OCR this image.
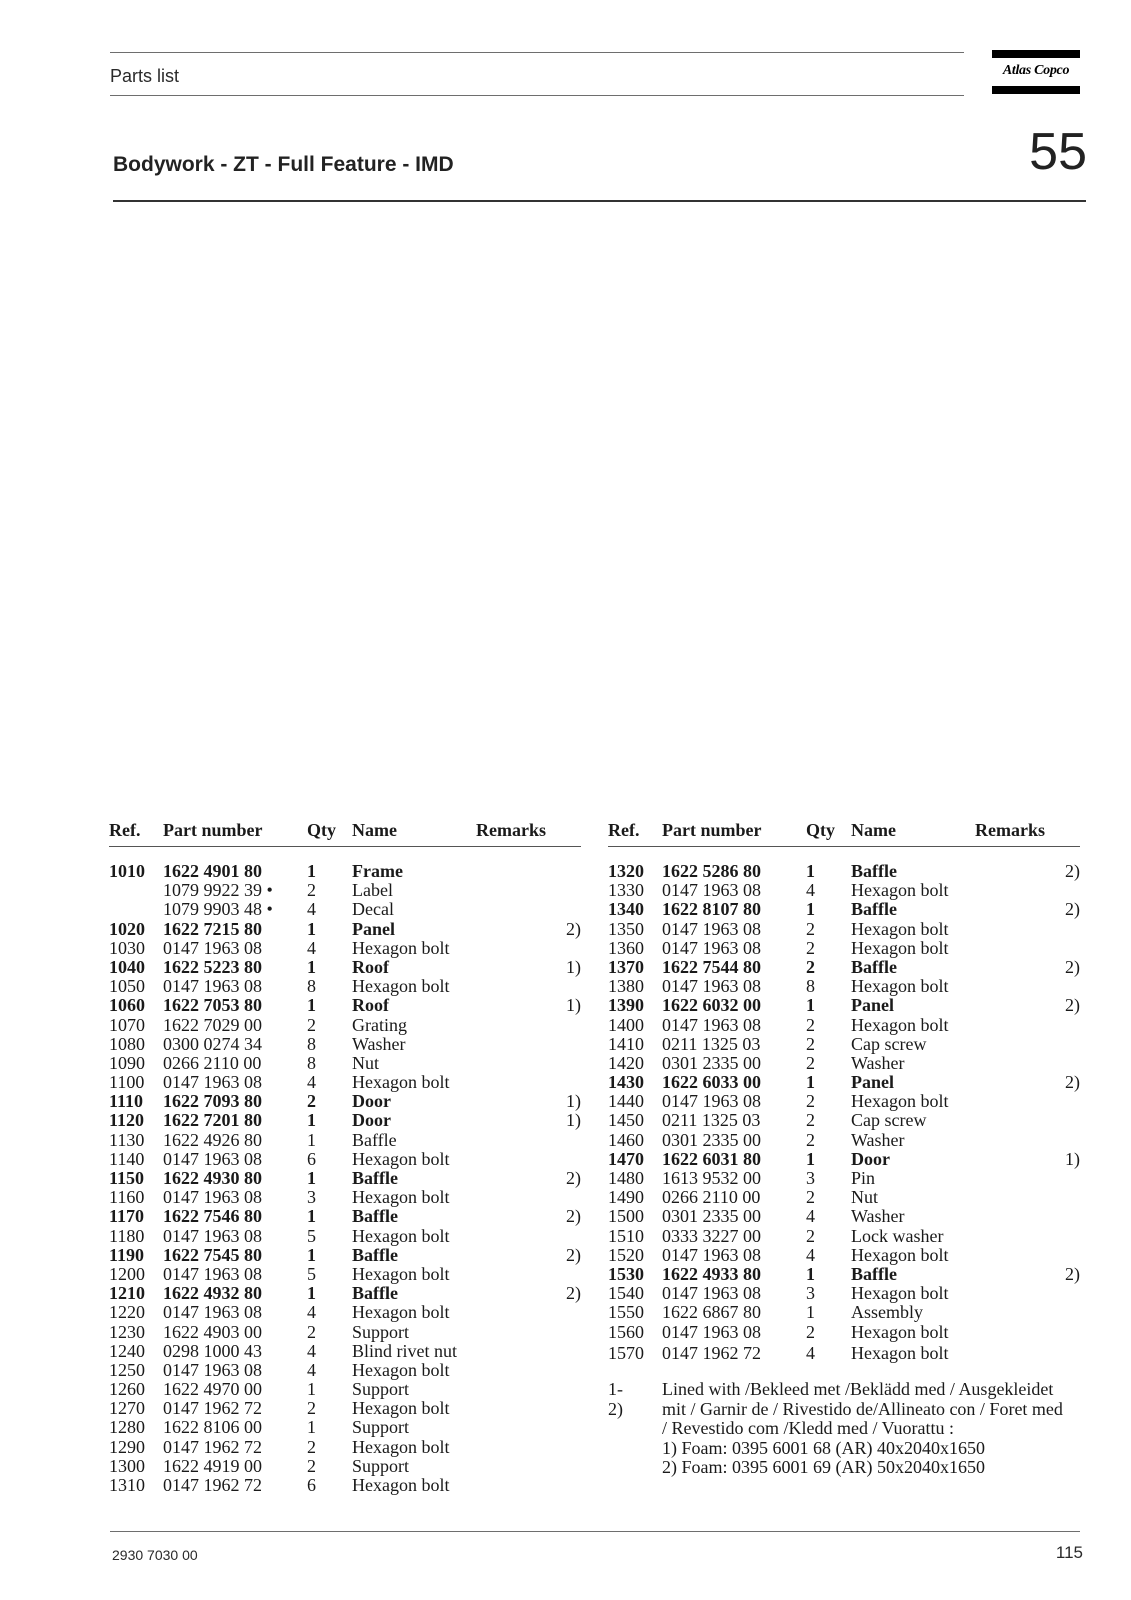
Parts list	Atlas Copco
Bodywork - ZT - Full Feature - IMD	55
Ref. Part number Qty Name	Remarks
1010 1622 4901 80	1 Frame
1079 9922 39 • 2 Label
1079 9903 48 • 4 Decal
1020 1622 7215 80	1 Panel	2)
1030 0147 1963 08	4 Hexagon bolt
1040 1622 5223 80	1 Roof	1)
1050 0147 1963 08	8 Hexagon bolt
1060 1622 7053 80	1 Roof	1)
1070 1622 7029 00	2 Grating
1080 0300 0274 34	8 Washer
1090 0266 2110 00	8 Nut
1100 0147 1963 08	4 Hexagon bolt
1110 1622 7093 80	2 Door	1)
1120 1622 7201 80	1 Door	1)
1130 1622 4926 80	1 Baffle
1140 0147 1963 08	6 Hexagon bolt
1150 1622 4930 80	1 Baffle	2)
1160 0147 1963 08	3 Hexagon bolt
1170 1622 7546 80	1 Baffle	2)
1180 0147 1963 08	5 Hexagon bolt
1190 1622 7545 80	1 Baffle	2)
1200 0147 1963 08	5 Hexagon bolt
1210 1622 4932 80	1 Baffle	2)
1220 0147 1963 08	4 Hexagon bolt
1230 1622 4903 00	2 Support
1240 0298 1000 43	4 Blind rivet nut
1250 0147 1963 08	4 Hexagon bolt
1260 1622 4970 00	1 Support
1270 0147 1962 72	2 Hexagon bolt
1280 1622 8106 00	1 Support
1290 0147 1962 72	2 Hexagon bolt
1300 1622 4919 00	2 Support
1310 0147 1962 72	6 Hexagon bolt
Ref. Part number Qty Name	Remarks
1320 1622 5286 80	1 Baffle	2)
1330 0147 1963 08	4 Hexagon bolt
1340 1622 8107 80	1 Baffle	2)
1350 0147 1963 08	2 Hexagon bolt
1360 0147 1963 08	2 Hexagon bolt
1370 1622 7544 80	2 Baffle	2)
1380 0147 1963 08	8 Hexagon bolt
1390 1622 6032 00	1 Panel	2)
1400 0147 1963 08	2 Hexagon bolt
1410 0211 1325 03	2 Cap screw
1420 0301 2335 00	2 Washer
1430 1622 6033 00	1 Panel	2)
1440 0147 1963 08	2 Hexagon bolt
1450 0211 1325 03	2 Cap screw
1460 0301 2335 00	2 Washer
1470 1622 6031 80	1 Door	1)
1480 1613 9532 00	3 Pin
1490 0266 2110 00	2 Nut
1500 0301 2335 00	4 Washer
1510 0333 3227 00	2 Lock washer
1520 0147 1963 08	4 Hexagon bolt
1530 1622 4933 80	1 Baffle	2)
1540 0147 1963 08	3 Hexagon bolt
1550 1622 6867 80	1 Assembly
1560 0147 1963 08	2 Hexagon bolt
1570 0147 1962 72	4 Hexagon bolt
1-2)
Lined with /Bekleed met /Beklädd med / Ausgekleidet
mit / Garnir de / Rivestido de/Allineato con / Foret med
/ Revestido com /Kledd med / Vuorattu :
1) Foam: 0395 6001 68 (AR) 40x2040x1650
2) Foam: 0395 6001 69 (AR) 50x2040x1650
2930 7030 00	115
